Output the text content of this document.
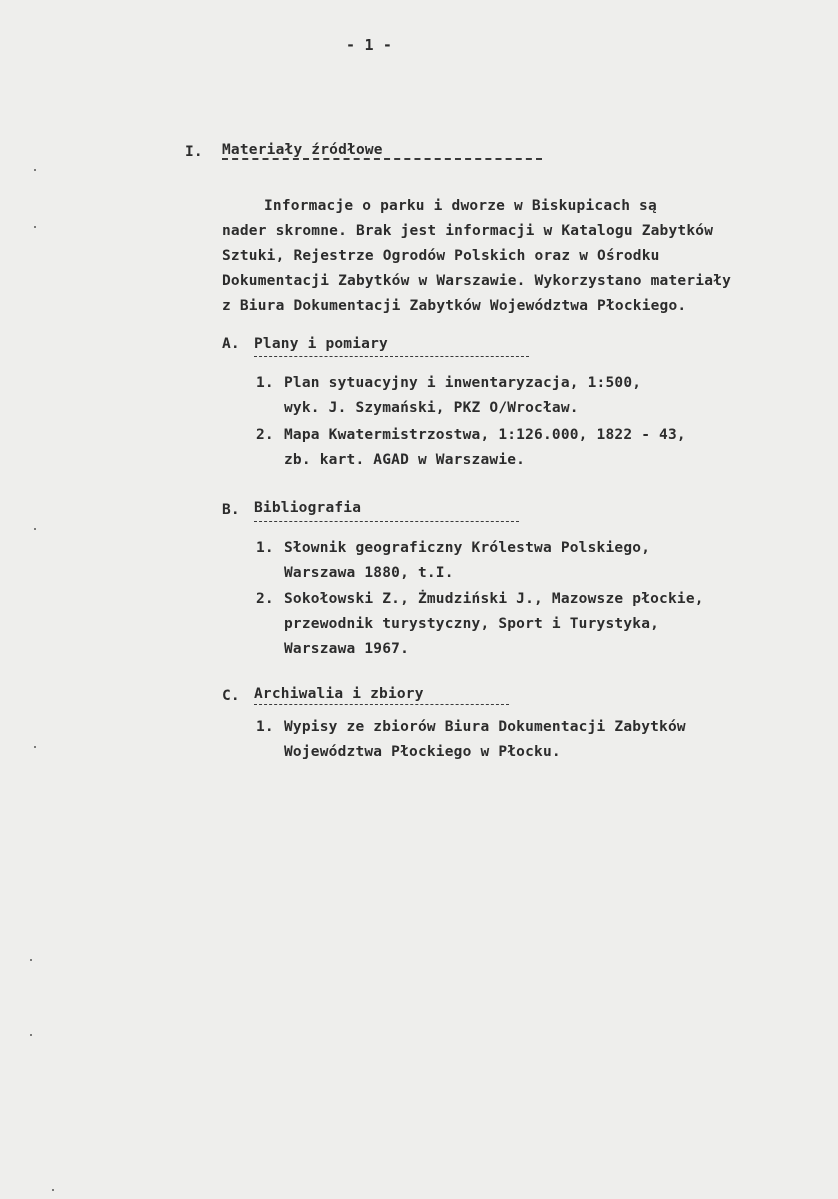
- 1 -
I. Materiały źródłowe
Informacje o parku i dworze w Biskupicach są
nader skromne. Brak jest informacji w Katalogu Zabytków
Sztuki, Rejestrze Ogrodów Polskich oraz w Ośrodku
Dokumentacji Zabytków w Warszawie. Wykorzystano materiały
z Biura Dokumentacji Zabytków Województwa Płockiego.
A. Plany i pomiary
1. Plan sytuacyjny i inwentaryzacja, 1:500,
wyk. J. Szymański, PKZ O/Wrocław.
2. Mapa Kwatermistrzostwa, 1:126.000, 1822 - 43,
zb. kart. AGAD w Warszawie.
B. Bibliografia
1. Słownik geograficzny Królestwa Polskiego,
Warszawa 1880, t.I.
2. Sokołowski Z., Żmudziński J., Mazowsze płockie,
przewodnik turystyczny, Sport i Turystyka,
Warszawa 1967.
C. Archiwalia i zbiory
1. Wypisy ze zbiorów Biura Dokumentacji Zabytków
Województwa Płockiego w Płocku.
